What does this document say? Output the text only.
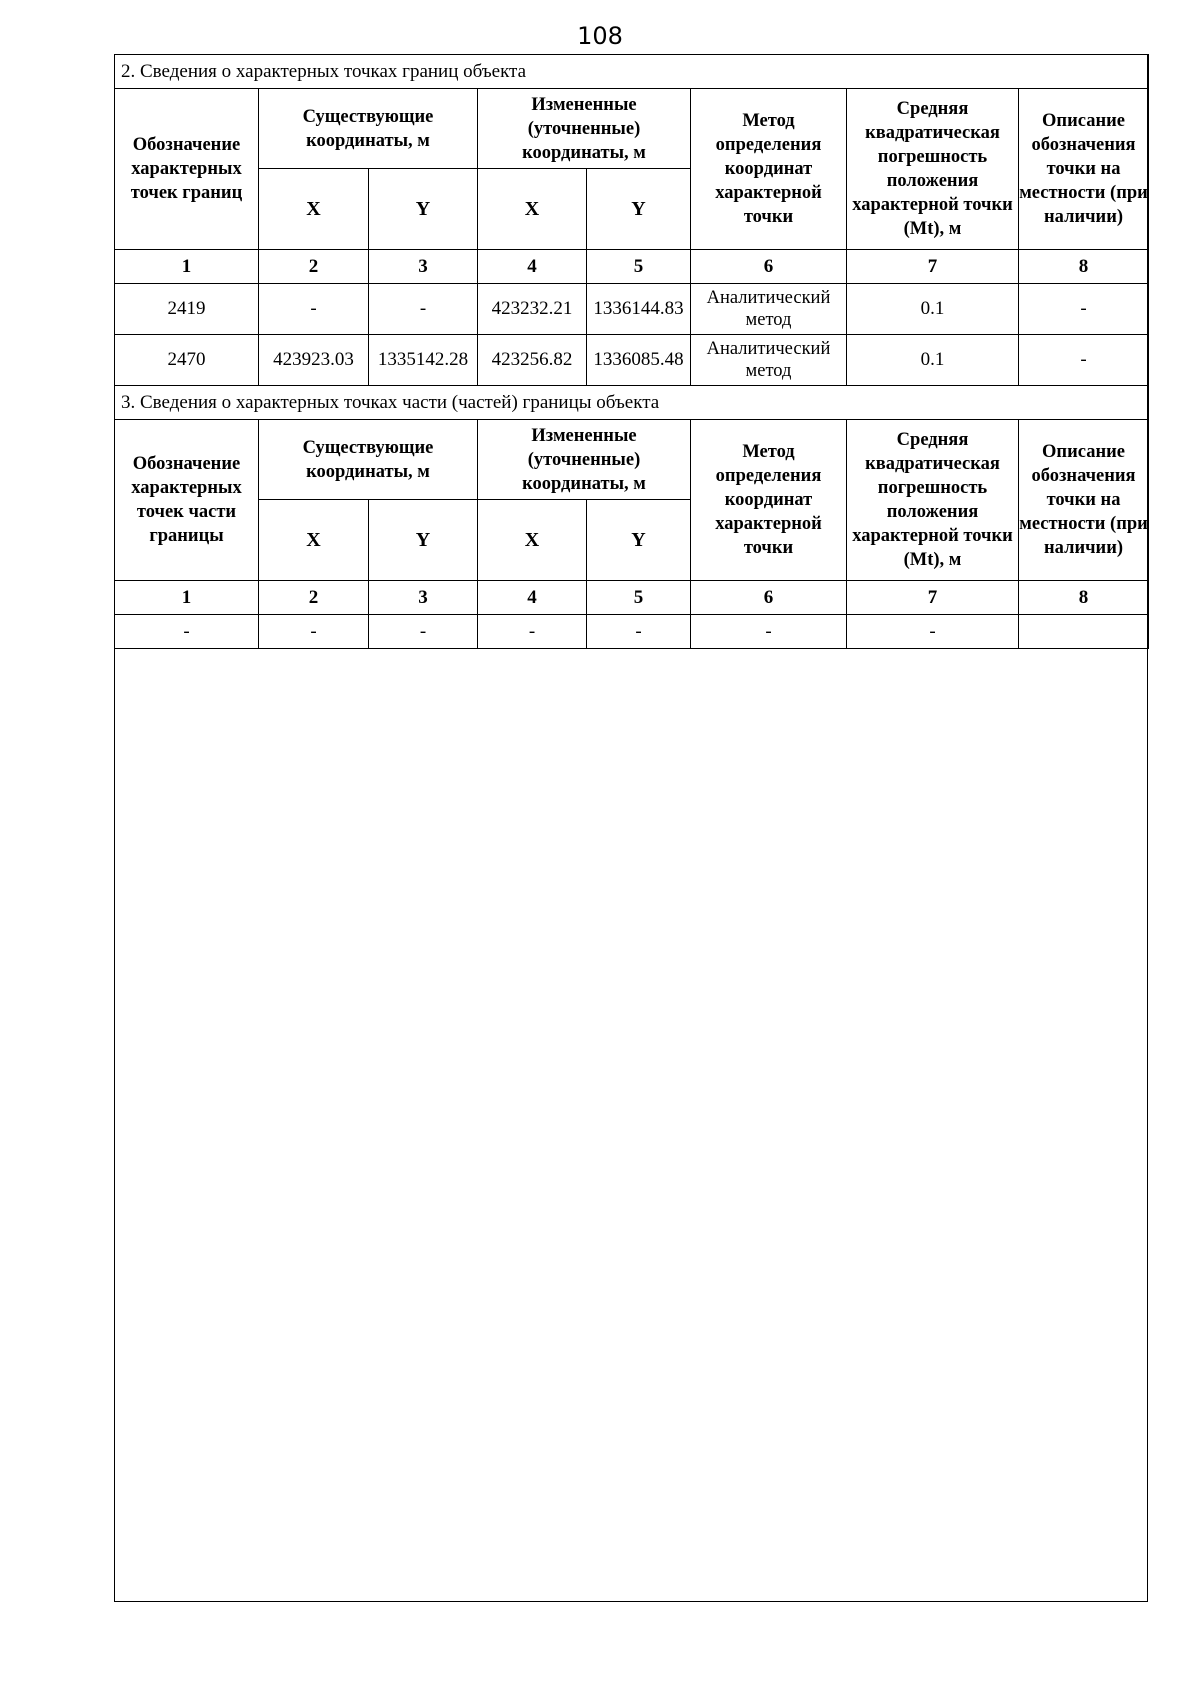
108
2. Сведения о характерных точках границ объекта							
Обозначение характерных точек границ	Существующие координаты, м		Измененные (уточненные) координаты, м		Метод определения координат характерной точки	Средняя квадратическая погрешность положения характерной точки (Mt), м	Описание обозначения точки на местности (при наличии)
	X	Y	X	Y			
1	2	3	4	5	6	7	8
2419	-	-	423232.21	1336144.83	Аналитический метод	0.1	-
2470	423923.03	1335142.28	423256.82	1336085.48	Аналитический метод	0.1	-
3. Сведения о характерных точках части (частей) границы объекта							
Обозначение характерных точек части границы	Существующие координаты, м		Измененные (уточненные) координаты, м		Метод определения координат характерной точки	Средняя квадратическая погрешность положения характерной точки (Mt), м	Описание обозначения точки на местности (при наличии)
	X	Y	X	Y			
1	2	3	4	5	6	7	8
-	-	-	-	-	-	-	
